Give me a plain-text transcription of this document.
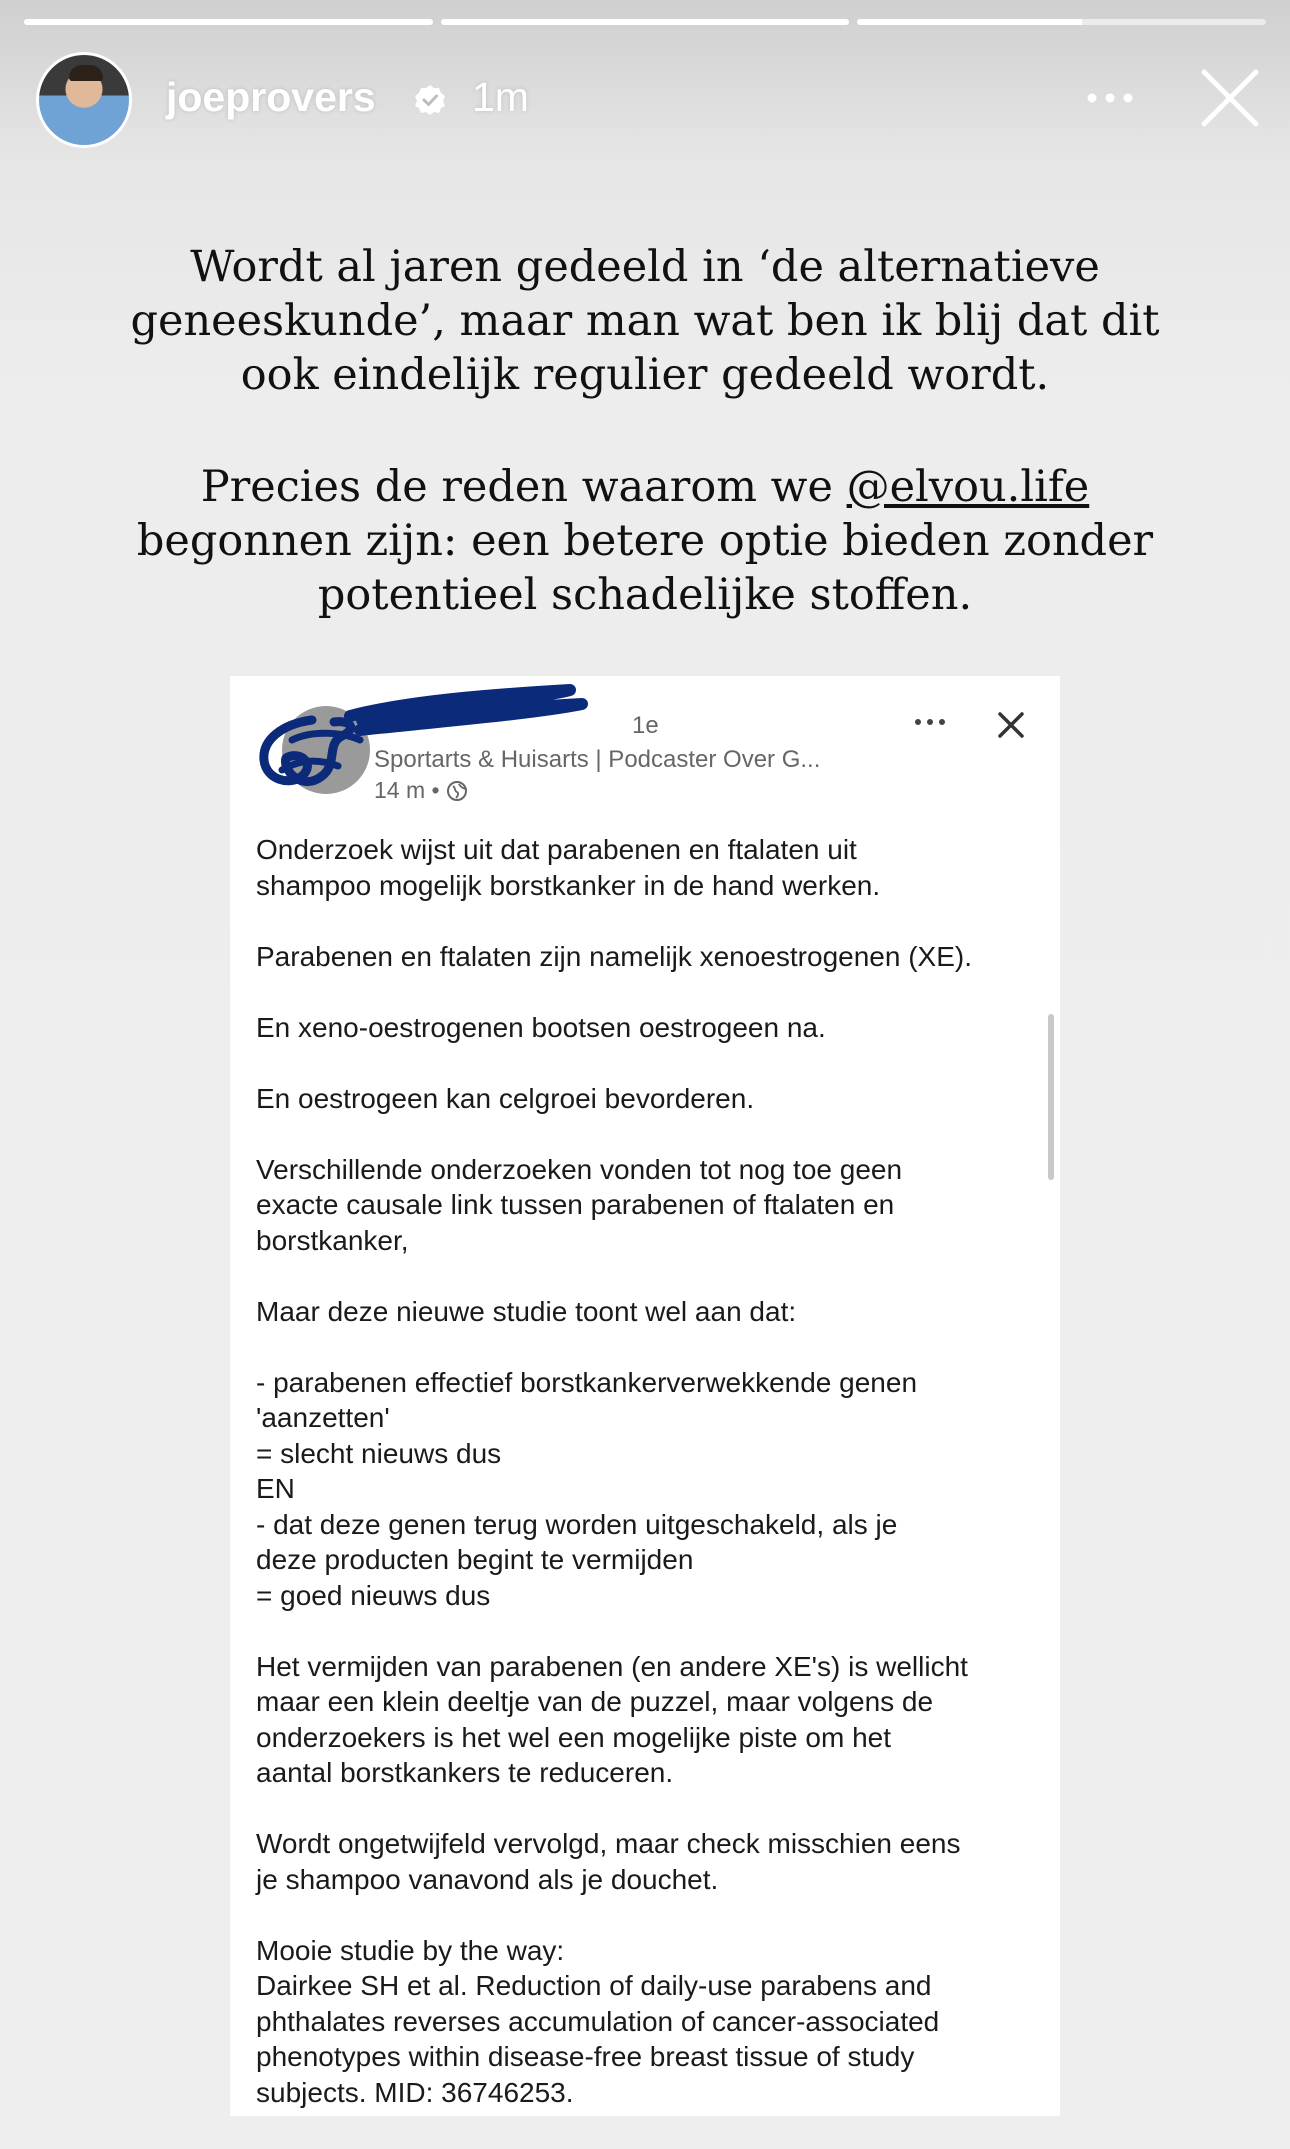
joeprovers 1m
Wordt al jaren gedeeld in ‘de alternatieve geneeskunde’, maar man wat ben ik blij dat dit ook eindelijk regulier gedeeld wordt.
Precies de reden waarom we @elvou.life begonnen zijn: een betere optie bieden zonder potentieel schadelijke stoffen.
1e
Sportarts & Huisarts | Podcaster Over G...
14 m •

Onderzoek wijst uit dat parabenen en ftalaten uit
shampoo mogelijk borstkanker in de hand werken.

Parabenen en ftalaten zijn namelijk xenoestrogenen (XE).

En xeno-oestrogenen bootsen oestrogeen na.

En oestrogeen kan celgroei bevorderen.

Verschillende onderzoeken vonden tot nog toe geen
exacte causale link tussen parabenen of ftalaten en
borstkanker,

Maar deze nieuwe studie toont wel aan dat:

- parabenen effectief borstkankerverwekkende genen
'aanzetten'
= slecht nieuws dus
EN
- dat deze genen terug worden uitgeschakeld, als je
deze producten begint te vermijden
= goed nieuws dus

Het vermijden van parabenen (en andere XE's) is wellicht
maar een klein deeltje van de puzzel, maar volgens de
onderzoekers is het wel een mogelijke piste om het
aantal borstkankers te reduceren.

Wordt ongetwijfeld vervolgd, maar check misschien eens
je shampoo vanavond als je douchet.

Mooie studie by the way:
Dairkee SH et al. Reduction of daily-use parabens and
phthalates reverses accumulation of cancer-associated
phenotypes within disease-free breast tissue of study
subjects. MID: 36746253.
